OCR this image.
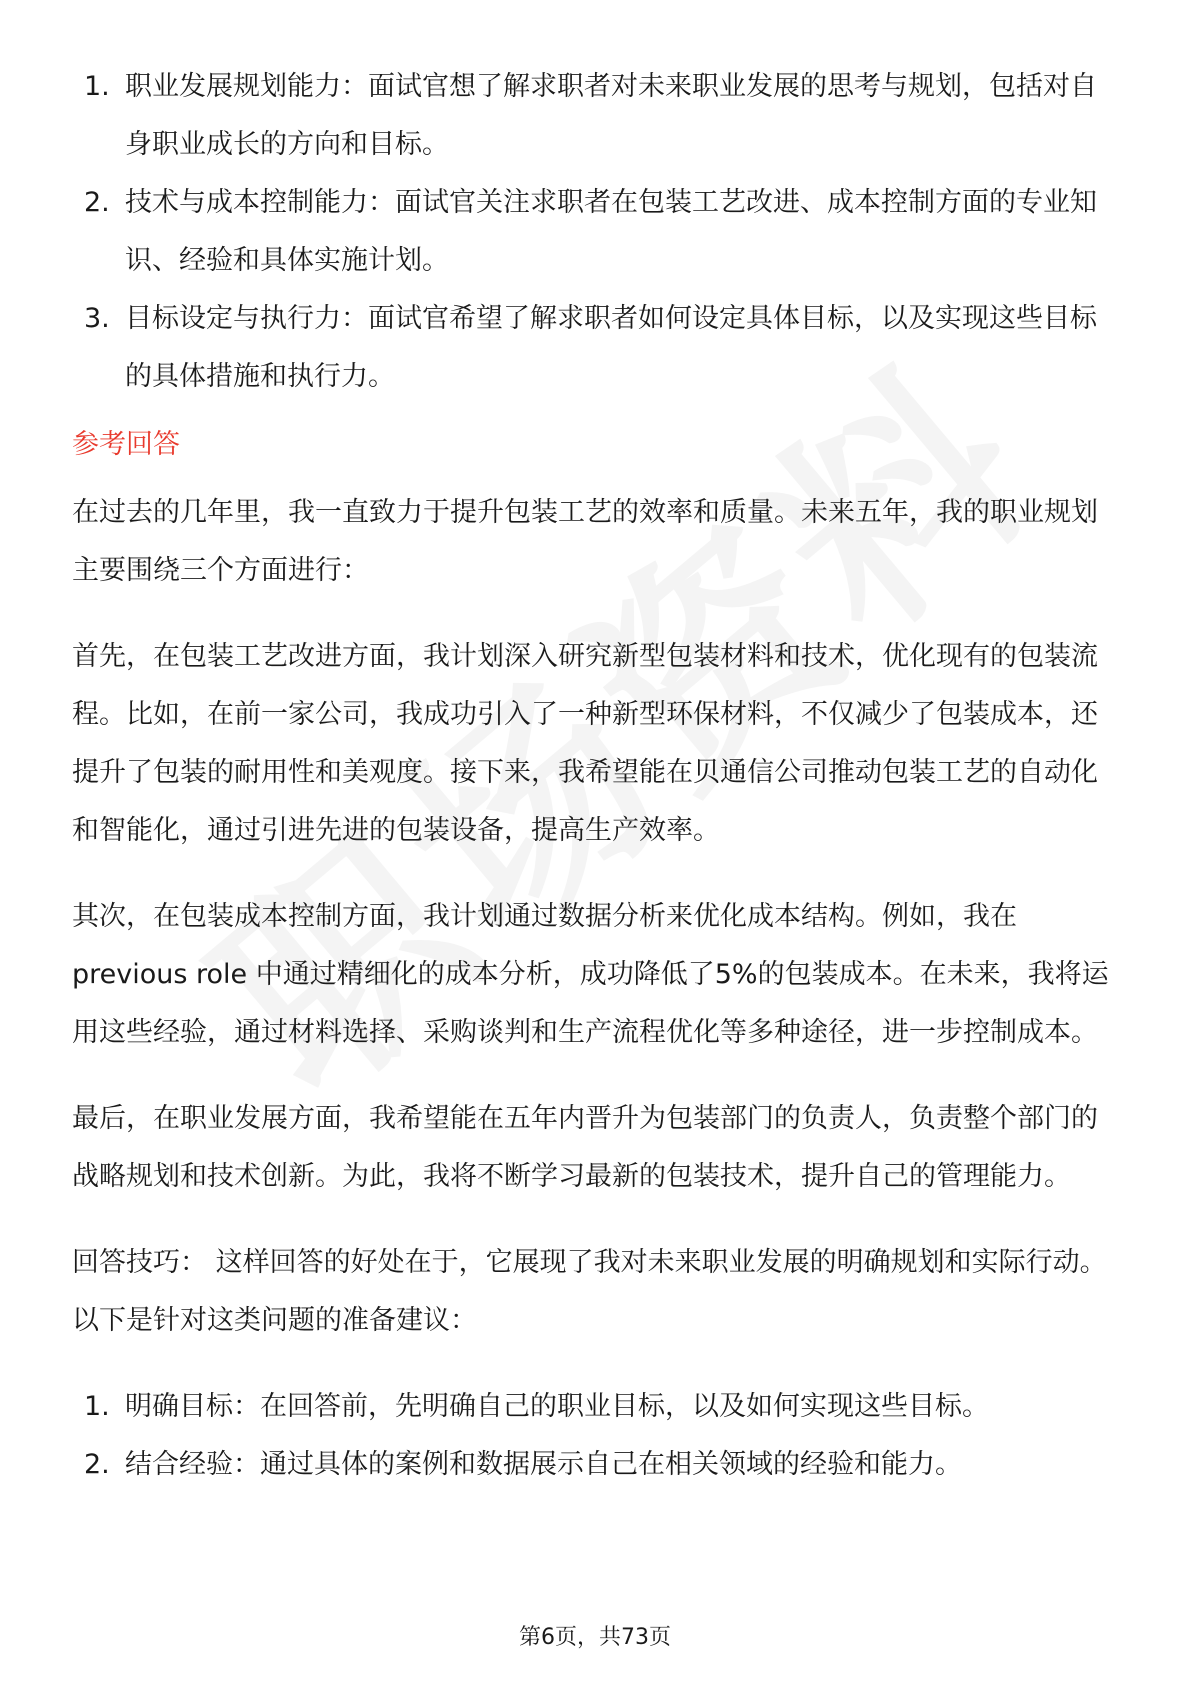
1. 职业发展规划能力：面试官想了解求职者对未来职业发展的思考与规划，包括对自身职业成长的方向和目标。
2. 技术与成本控制能力：面试官关注求职者在包装工艺改进、成本控制方面的专业知识、经验和具体实施计划。
3. 目标设定与执行力：面试官希望了解求职者如何设定具体目标，以及实现这些目标的具体措施和执行力。
参考回答

在过去的几年里，我一直致力于提升包装工艺的效率和质量。未来五年，我的职业规划主要围绕三个方面进行：

首先，在包装工艺改进方面，我计划深入研究新型包装材料和技术，优化现有的包装流程。比如，在前一家公司，我成功引入了一种新型环保材料，不仅减少了包装成本，还提升了包装的耐用性和美观度。接下来，我希望能在贝通信公司推动包装工艺的自动化和智能化，通过引进先进的包装设备，提高生产效率。

其次，在包装成本控制方面，我计划通过数据分析来优化成本结构。例如，我在previous role 中通过精细化的成本分析，成功降低了5%的包装成本。在未来，我将运用这些经验，通过材料选择、采购谈判和生产流程优化等多种途径，进一步控制成本。

最后，在职业发展方面，我希望能在五年内晋升为包装部门的负责人，负责整个部门的战略规划和技术创新。为此，我将不断学习最新的包装技术，提升自己的管理能力。

回答技巧： 这样回答的好处在于，它展现了我对未来职业发展的明确规划和实际行动。以下是针对这类问题的准备建议：

1. 明确目标：在回答前，先明确自己的职业目标，以及如何实现这些目标。
2. 结合经验：通过具体的案例和数据展示自己在相关领域的经验和能力。
第6页，共73页
